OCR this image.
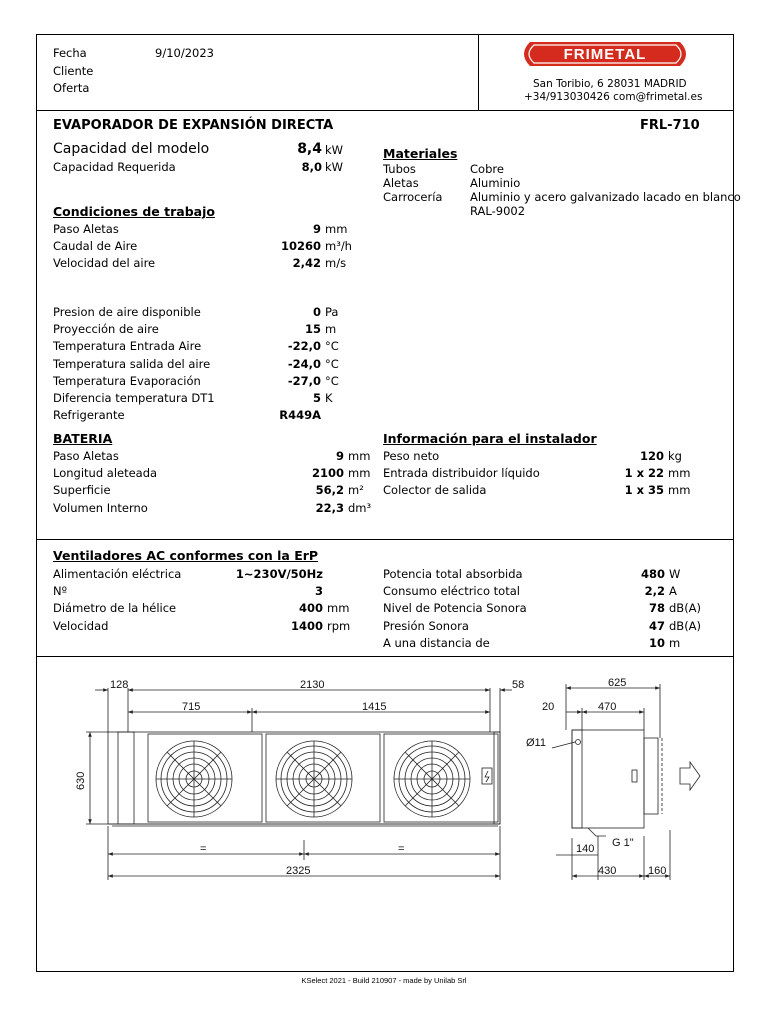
Fecha	9/10/2023
Cliente
Oferta
FRIMETAL
San Toribio, 6 28031 MADRID
+34/913030426 com@frimetal.es
EVAPORADOR DE EXPANSIÓN DIRECTA	FRL-710
Capacidad del modelo	8,4 kW
Capacidad Requerida	8,0 kW
Materiales
Tubos	Cobre
Aletas	Aluminio
Carrocería Aluminio y acero galvanizado lacado en blanco
RAL-9002
Condiciones de trabajo
Paso Aletas	9 mm
Caudal de Aire	10260 m³/h
Velocidad del aire	2,42 m/s
Presion de aire disponible	0 Pa
Proyección de aire	15 m
Temperatura Entrada Aire	-22,0 °C
Temperatura salida del aire	-24,0 °C
Temperatura Evaporación	-27,0 °C
Diferencia temperatura DT1	5 K
Refrigerante	R449A
BATERIA
Paso Aletas	9 mm
Longitud aleteada	2100 mm
Superficie	56,2 m²
Volumen Interno	22,3 dm³
Información para el instalador
Peso neto	120 kg
Entrada distribuidor líquido	1 x 22 mm
Colector de salida	1 x 35 mm
Ventiladores AC conformes con la ErP
Alimentación eléctrica	1~230V/50Hz
Nº	3
Diámetro de la hélice	400 mm
Velocidad	1400 rpm
Potencia total absorbida	480 W
Consumo eléctrico total	2,2 A
Nivel de Potencia Sonora	78 dB(A)
Presión Sonora	47 dB(A)
A una distancia de	10 m
128	2130	58
715	1415
630
=	=
2325
625
20	470
Ø11
G 1"
140
430	160
KSelect 2021 - Build 210907 - made by Unilab Srl
